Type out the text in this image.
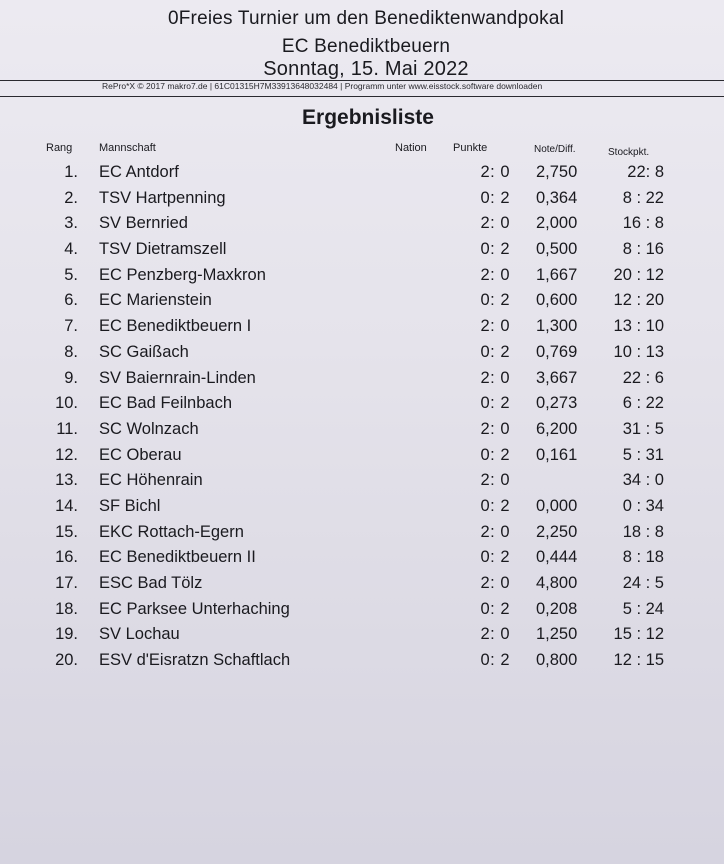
0Freies Turnier um den Benediktenwandpokal
EC Benediktbeuern
Sonntag, 15. Mai 2022
RePro*X © 2017 makro7.de | 61C01315H7M33913648032484 | Programm unter www.eisstock.software downloaden
Ergebnisliste
Rang Mannschaft	Nation Punkte	Note/Diff.	Stockpkt.
1. EC Antdorf	2: 0 2,750	22: 8
2. TSV Hartpenning	0: 2 0,364	8 : 22
3. SV Bernried	2: 0 2,000	16 : 8
4. TSV Dietramszell	0: 2 0,500	8 : 16
5. EC Penzberg-Maxkron	2: 0 1,667	20 : 12
6. EC Marienstein	0: 2 0,600	12 : 20
7. EC Benediktbeuern I	2: 0 1,300	13 : 10
8. SC Gaißach	0: 2 0,769	10 : 13
9. SV Baiernrain-Linden	2: 0 3,667	22 : 6
10. EC Bad Feilnbach	0: 2 0,273	6 : 22
11. SC Wolnzach	2: 0 6,200	31 : 5
12. EC Oberau	0: 2 0,161	5 : 31
13. EC Höhenrain	2: 0	34 : 0
14. SF Bichl	0: 2 0,000	0 : 34
15. EKC Rottach-Egern	2: 0 2,250	18 : 8
16. EC Benediktbeuern II	0: 2 0,444	8 : 18
17. ESC Bad Tölz	2: 0 4,800	24 : 5
18. EC Parksee Unterhaching	0: 2 0,208	5 : 24
19. SV Lochau	2: 0 1,250	15 : 12
20. ESV d'Eisratzn Schaftlach	0: 2 0,800	12 : 15
